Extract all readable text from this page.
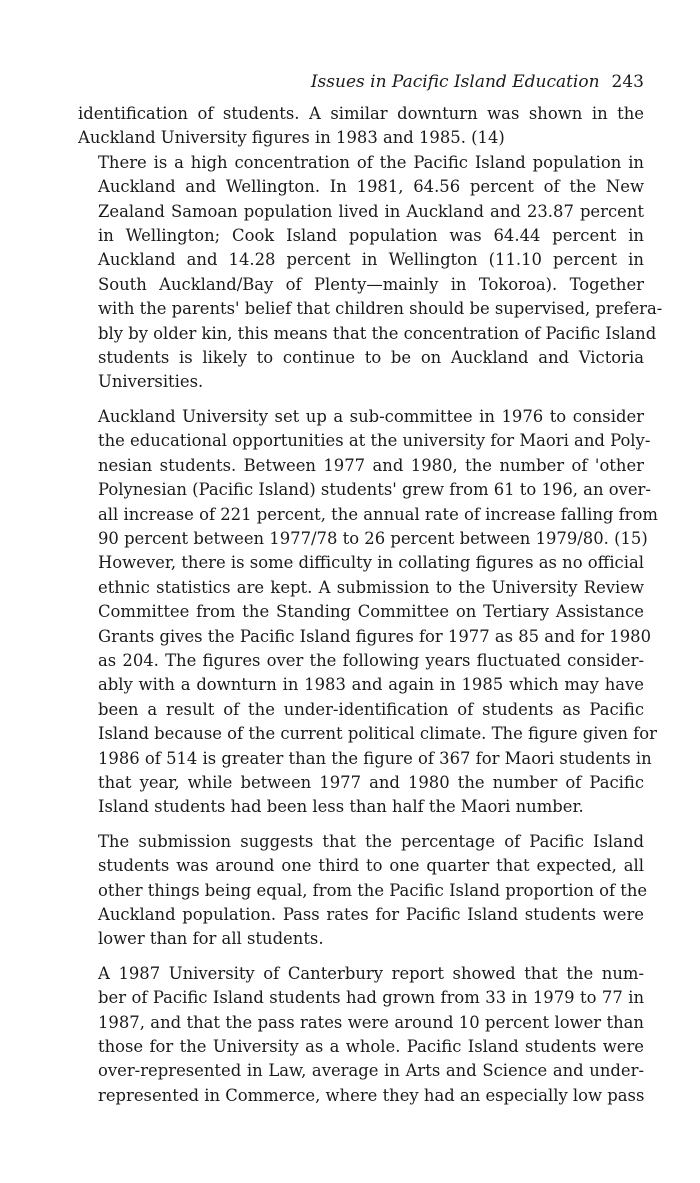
Issues in Pacific Island Education 243

identification of students. A similar downturn was shown in the
Auckland University figures in 1983 and 1985. (14)

There is a high concentration of the Pacific Island population in
Auckland and Wellington. In 1981, 64.56 percent of the New
Zealand Samoan population lived in Auckland and 23.87 percent
in Wellington; Cook Island population was 64.44 percent in
Auckland and 14.28 percent in Wellington (11.10 percent in
South Auckland/Bay of Plenty—mainly in Tokoroa). Together
with the parents' belief that children should be supervised, prefera-
bly by older kin, this means that the concentration of Pacific Island
students is likely to continue to be on Auckland and Victoria
Universities.

Auckland University set up a sub-committee in 1976 to consider
the educational opportunities at the university for Maori and Poly-
nesian students. Between 1977 and 1980, the number of 'other
Polynesian (Pacific Island) students' grew from 61 to 196, an over-
all increase of 221 percent, the annual rate of increase falling from
90 percent between 1977/78 to 26 percent between 1979/80. (15)
However, there is some difficulty in collating figures as no official
ethnic statistics are kept. A submission to the University Review
Committee from the Standing Committee on Tertiary Assistance
Grants gives the Pacific Island figures for 1977 as 85 and for 1980
as 204. The figures over the following years fluctuated consider-
ably with a downturn in 1983 and again in 1985 which may have
been a result of the under-identification of students as Pacific
Island because of the current political climate. The figure given for
1986 of 514 is greater than the figure of 367 for Maori students in
that year, while between 1977 and 1980 the number of Pacific
Island students had been less than half the Maori number.

The submission suggests that the percentage of Pacific Island
students was around one third to one quarter that expected, all
other things being equal, from the Pacific Island proportion of the
Auckland population. Pass rates for Pacific Island students were
lower than for all students.

A 1987 University of Canterbury report showed that the num-
ber of Pacific Island students had grown from 33 in 1979 to 77 in
1987, and that the pass rates were around 10 percent lower than
those for the University as a whole. Pacific Island students were
over-represented in Law, average in Arts and Science and under-
represented in Commerce, where they had an especially low pass
